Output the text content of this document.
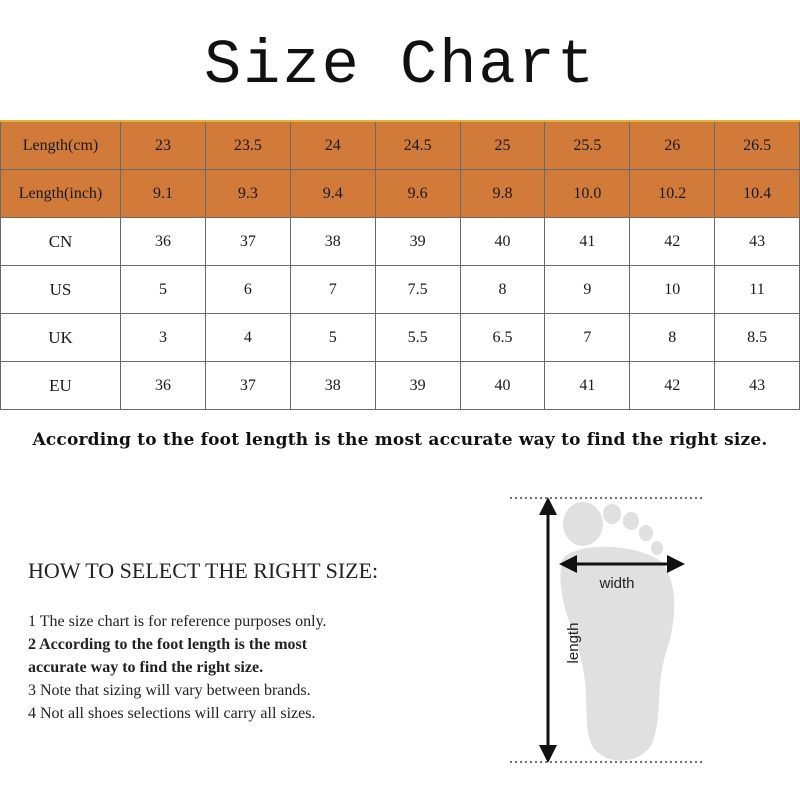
Size Chart
Length(cm)	23	23.5	24	24.5	25	25.5	26	26.5
Length(inch)	9.1	9.3	9.4	9.6	9.8	10.0	10.2	10.4
CN	36	37	38	39	40	41	42	43
US	5	6	7	7.5	8	9	10	11
UK	3	4	5	5.5	6.5	7	8	8.5
EU	36	37	38	39	40	41	42	43
According to the foot length is the most accurate way to find the right size.
HOW TO SELECT THE RIGHT SIZE:
1 The size chart is for reference purposes only.
2 According to the foot length is the most
accurate way to find the right size.
3 Note that sizing will vary between brands.
4 Not all shoes selections will carry all sizes.
width
length
